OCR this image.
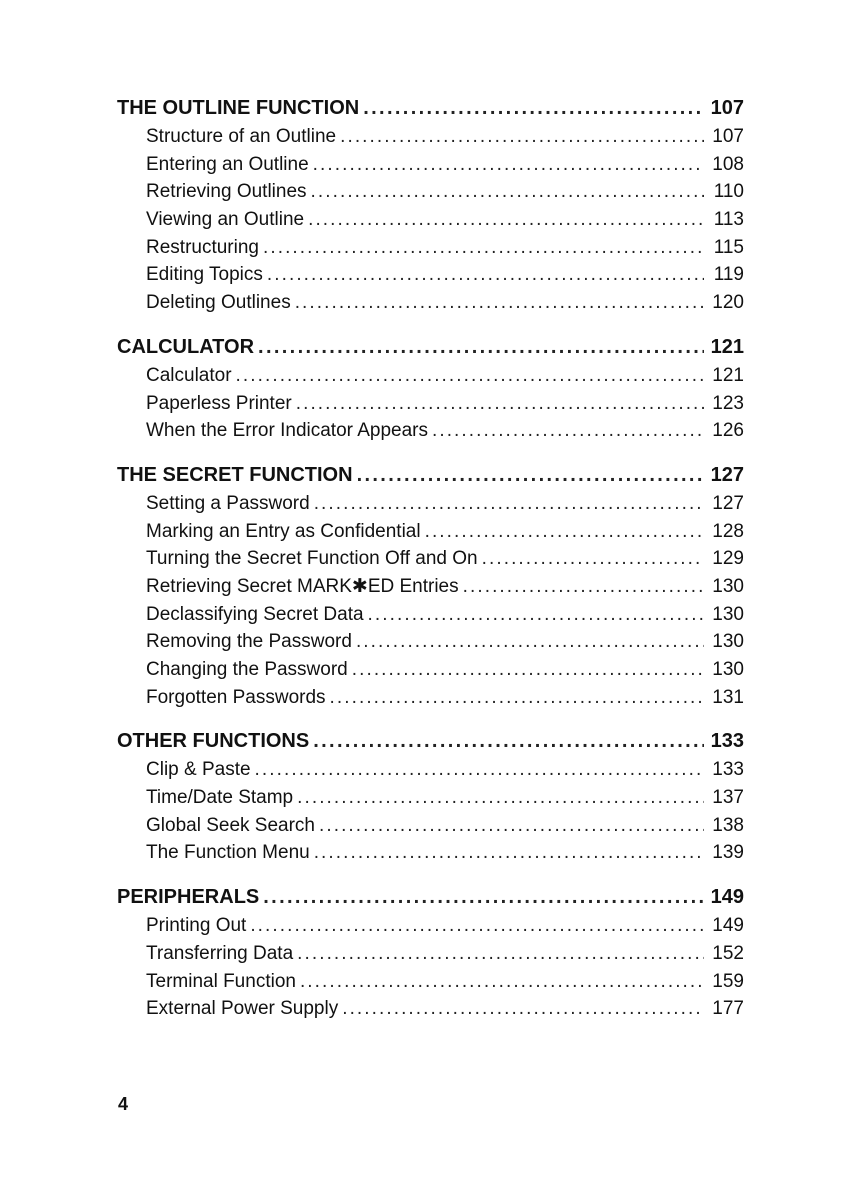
THE OUTLINE FUNCTION . . .	107
Structure of an Outline . . .	107
Entering an Outline . . .	108
Retrieving Outlines . . .	110
Viewing an Outline . . .	113
Restructuring . . .	115
Editing Topics . . .	119
Deleting Outlines . . .	120
CALCULATOR . . .	121
Calculator . . .	121
Paperless Printer . . .	123
When the Error Indicator Appears . . .	126
THE SECRET FUNCTION . . .	127
Setting a Password . . .	127
Marking an Entry as Confidential . . .	128
Turning the Secret Function Off and On . . .	129
Retrieving Secret MARK✱ED Entries . . .	130
Declassifying Secret Data . . .	130
Removing the Password . . .	130
Changing the Password . . .	130
Forgotten Passwords . . .	131
OTHER FUNCTIONS . . .	133
Clip & Paste . . .	133
Time/Date Stamp . . .	137
Global Seek Search . . .	138
The Function Menu . . .	139
PERIPHERALS . . .	149
Printing Out . . .	149
Transferring Data . . .	152
Terminal Function . . .	159
External Power Supply . . .	177
4
